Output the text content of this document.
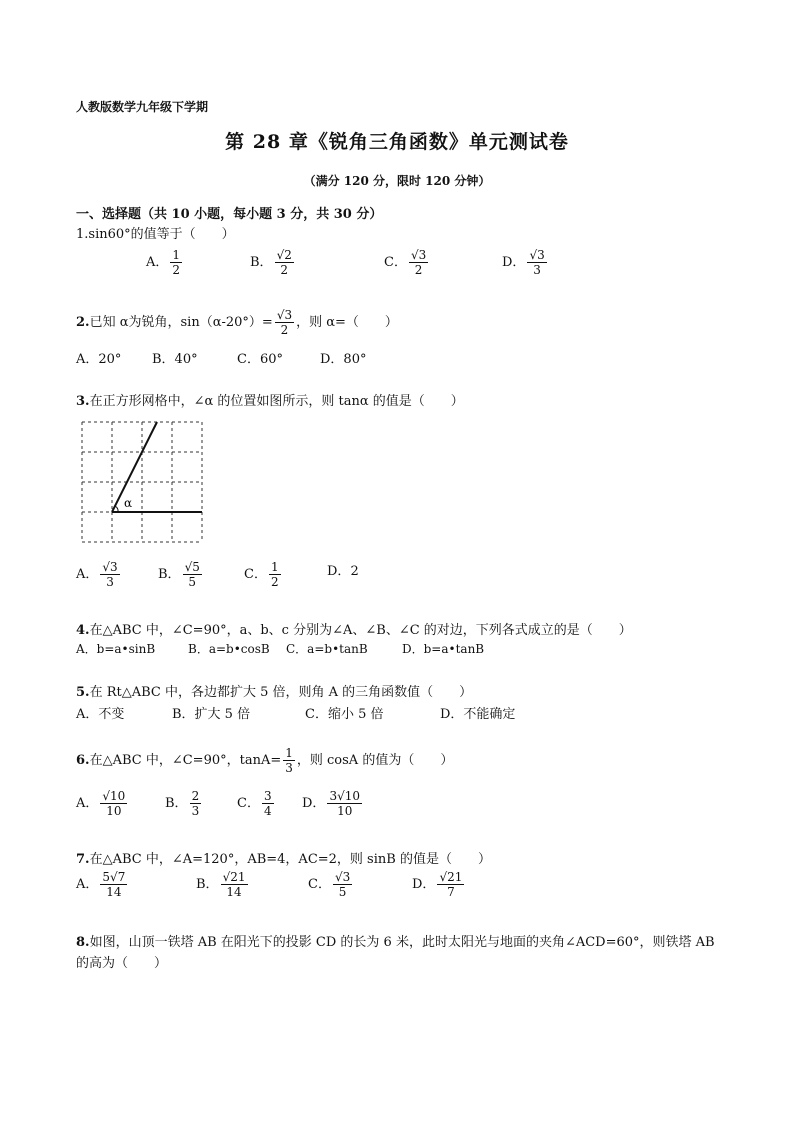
人教版数学九年级下学期
第 28 章《锐角三角函数》单元测试卷
（满分 120 分，限时 120 分钟）
一、选择题（共 10 小题，每小题 3 分，共 30 分）
1.sin60°的值等于（　　）
A． $\frac{1}{2}$	B． $\frac{√2}{2}$	C． $\frac{√3}{2}$	D． $\frac{√3}{3}$
2.已知 α为锐角，$\sin(\alpha-20^\circ)= \frac{√3}{2}$ ，则 α=（　　）
A．20° B．40°	C．60°	D．80°
3.在正方形网格中，∠α 的位置如图所示，则 tanα 的值是（　　）
α
A． $\frac{√3}{3}$	B． $\frac{√5}{5}$	C． $\frac{1}{2}$	D．2
4.在△ABC 中，∠C=90°，a、b、c 分别为∠A、∠B、∠C 的对边，下列各式成立的是（　　）
A．b=a•sinB	B．a=b•cosB C．a=b•tanB	D．b=a•tanB
5.在 Rt△ABC 中，各边都扩大 5 倍，则角 A 的三角函数值（　　）
A．不变	B．扩大 5 倍	C．缩小 5 倍	D．不能确定
6.在△ABC 中，∠C=90°，$\tan A= \frac{1}{3}$ ，则 cosA 的值为（　　）
A． $\frac{√10}{10}$	B． $\frac{2}{3}$	C． $\frac{3}{4}$ D． $\frac{3√10}{10}$
7.在△ABC 中，∠A=120°，AB=4，AC=2，则 sinB 的值是（　　）
A． $\frac{5√7}{14}$	B． $\frac{√21}{14}$	C． $\frac{√3}{5}$	D． $\frac{√21}{7}$
8.如图，山顶一铁塔 AB 在阳光下的投影 CD 的长为 6 米，此时太阳光与地面的夹角∠ACD=60°，则铁塔 AB
的高为（　　）
